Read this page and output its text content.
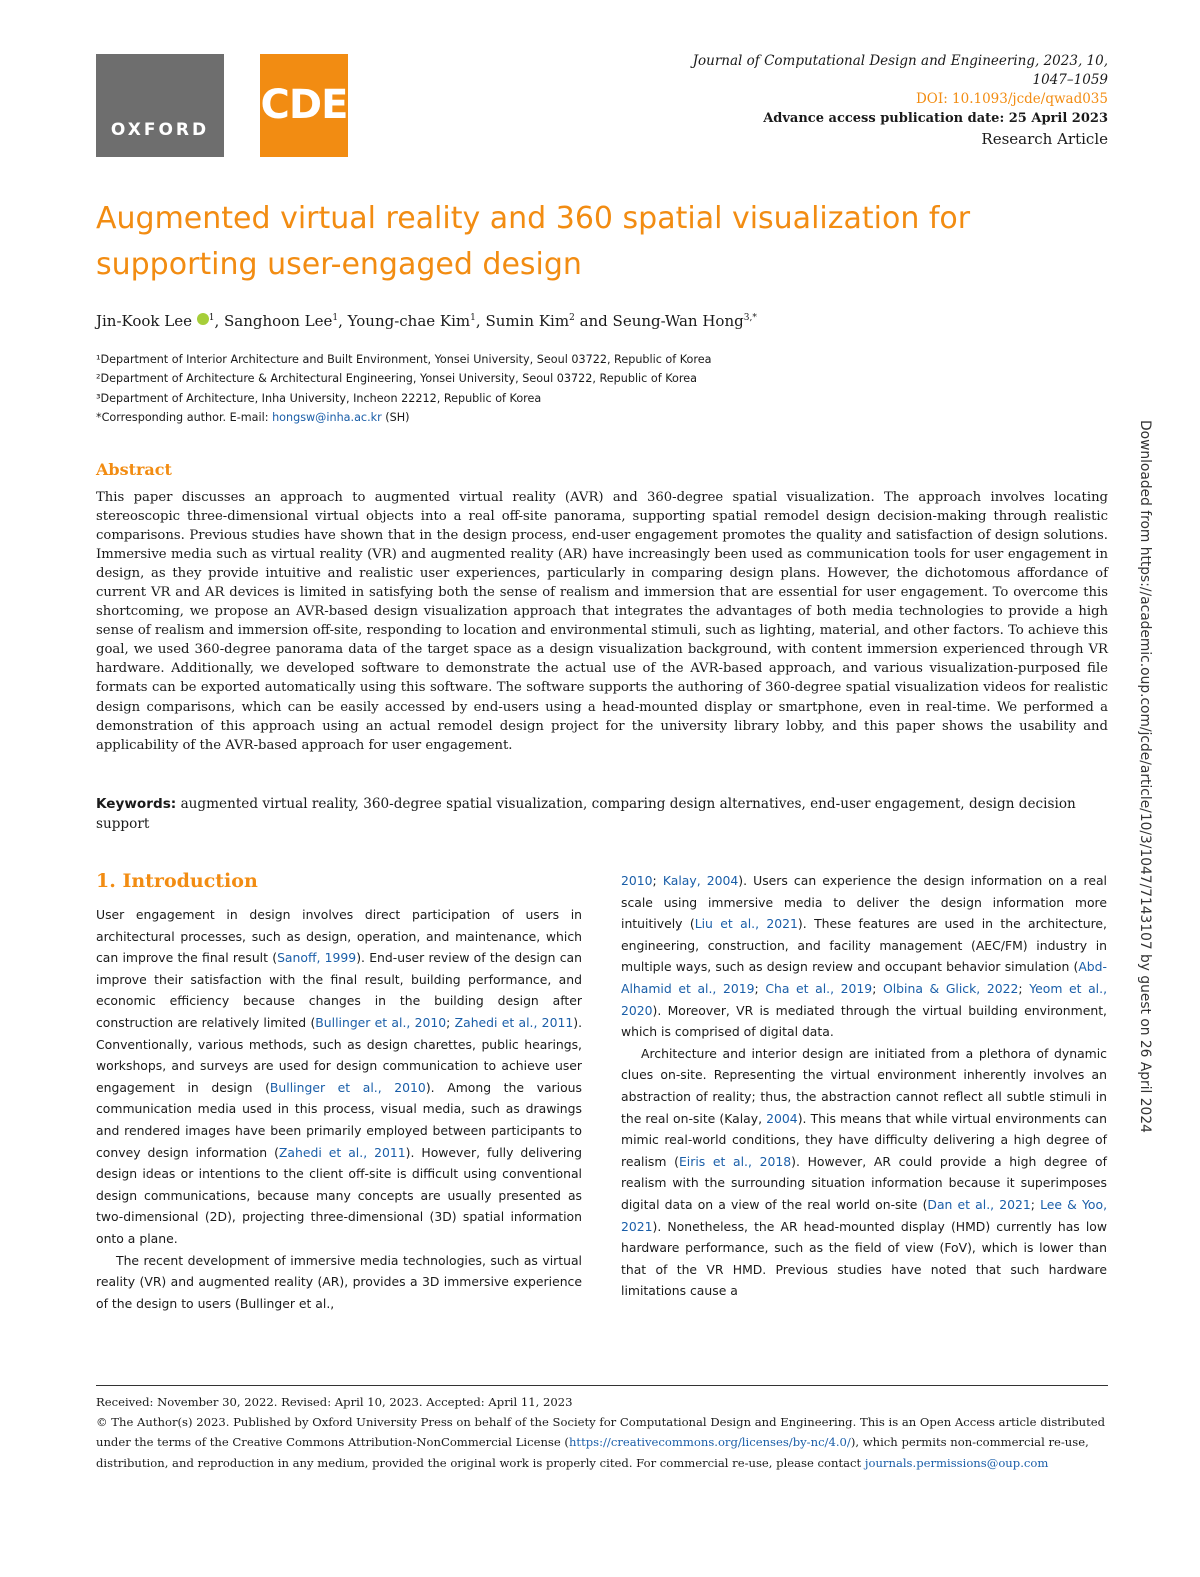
OXFORD
CDE
Journal of Computational Design and Engineering, 2023, 10,
1047–1059
DOI: 10.1093/jcde/qwad035
Advance access publication date: 25 April 2023
Research Article
Augmented virtual reality and 360 spatial visualization for supporting user-engaged design
Jin-Kook Lee $^1$, Sanghoon Lee$^1$, Young-chae Kim$^1$, Sumin Kim$^2$ and Seung-Wan Hong$^{3,*}$
¹Department of Interior Architecture and Built Environment, Yonsei University, Seoul 03722, Republic of Korea
²Department of Architecture & Architectural Engineering, Yonsei University, Seoul 03722, Republic of Korea
³Department of Architecture, Inha University, Incheon 22212, Republic of Korea
*Corresponding author. E-mail: hongsw@inha.ac.kr (SH)
Abstract
This paper discusses an approach to augmented virtual reality (AVR) and 360-degree spatial visualization. The approach involves locating stereoscopic three-dimensional virtual objects into a real off-site panorama, supporting spatial remodel design decision-making through realistic comparisons. Previous studies have shown that in the design process, end-user engagement promotes the quality and satisfaction of design solutions. Immersive media such as virtual reality (VR) and augmented reality (AR) have increasingly been used as communication tools for user engagement in design, as they provide intuitive and realistic user experiences, particularly in comparing design plans. However, the dichotomous affordance of current VR and AR devices is limited in satisfying both the sense of realism and immersion that are essential for user engagement. To overcome this shortcoming, we propose an AVR-based design visualization approach that integrates the advantages of both media technologies to provide a high sense of realism and immersion off-site, responding to location and environmental stimuli, such as lighting, material, and other factors. To achieve this goal, we used 360-degree panorama data of the target space as a design visualization background, with content immersion experienced through VR hardware. Additionally, we developed software to demonstrate the actual use of the AVR-based approach, and various visualization-purposed file formats can be exported automatically using this software. The software supports the authoring of 360-degree spatial visualization videos for realistic design comparisons, which can be easily accessed by end-users using a head-mounted display or smartphone, even in real-time. We performed a demonstration of this approach using an actual remodel design project for the university library lobby, and this paper shows the usability and applicability of the AVR-based approach for user engagement.
Keywords: augmented virtual reality, 360-degree spatial visualization, comparing design alternatives, end-user engagement, design decision support
1. Introduction

User engagement in design involves direct participation of users in architectural processes, such as design, operation, and maintenance, which can improve the final result (Sanoff, 1999). End-user review of the design can improve their satisfaction with the final result, building performance, and economic efficiency because changes in the building design after construction are relatively limited (Bullinger et al., 2010; Zahedi et al., 2011). Conventionally, various methods, such as design charettes, public hearings, workshops, and surveys are used for design communication to achieve user engagement in design (Bullinger et al., 2010). Among the various communication media used in this process, visual media, such as drawings and rendered images have been primarily employed between participants to convey design information (Zahedi et al., 2011). However, fully delivering design ideas or intentions to the client off-site is difficult using conventional design communications, because many concepts are usually presented as two-dimensional (2D), projecting three-dimensional (3D) spatial information onto a plane.

The recent development of immersive media technologies, such as virtual reality (VR) and augmented reality (AR), provides a 3D immersive experience of the design to users (Bullinger et al.,

2010; Kalay, 2004). Users can experience the design information on a real scale using immersive media to deliver the design information more intuitively (Liu et al., 2021). These features are used in the architecture, engineering, construction, and facility management (AEC/FM) industry in multiple ways, such as design review and occupant behavior simulation (Abd-Alhamid et al., 2019; Cha et al., 2019; Olbina & Glick, 2022; Yeom et al., 2020). Moreover, VR is mediated through the virtual building environment, which is comprised of digital data.

Architecture and interior design are initiated from a plethora of dynamic clues on-site. Representing the virtual environment inherently involves an abstraction of reality; thus, the abstraction cannot reflect all subtle stimuli in the real on-site (Kalay, 2004). This means that while virtual environments can mimic real-world conditions, they have difficulty delivering a high degree of realism (Eiris et al., 2018). However, AR could provide a high degree of realism with the surrounding situation information because it superimposes digital data on a view of the real world on-site (Dan et al., 2021; Lee & Yoo, 2021). Nonetheless, the AR head-mounted display (HMD) currently has low hardware performance, such as the field of view (FoV), which is lower than that of the VR HMD. Previous studies have noted that such hardware limitations cause a

Received: November 30, 2022. Revised: April 10, 2023. Accepted: April 11, 2023
© The Author(s) 2023. Published by Oxford University Press on behalf of the Society for Computational Design and Engineering. This is an Open Access article distributed under the terms of the Creative Commons Attribution-NonCommercial License (https://creativecommons.org/licenses/by-nc/4.0/), which permits non-commercial re-use, distribution, and reproduction in any medium, provided the original work is properly cited. For commercial re-use, please contact journals.permissions@oup.com
Downloaded from https://academic.oup.com/jcde/article/10/3/1047/7143107 by guest on 26 April 2024
